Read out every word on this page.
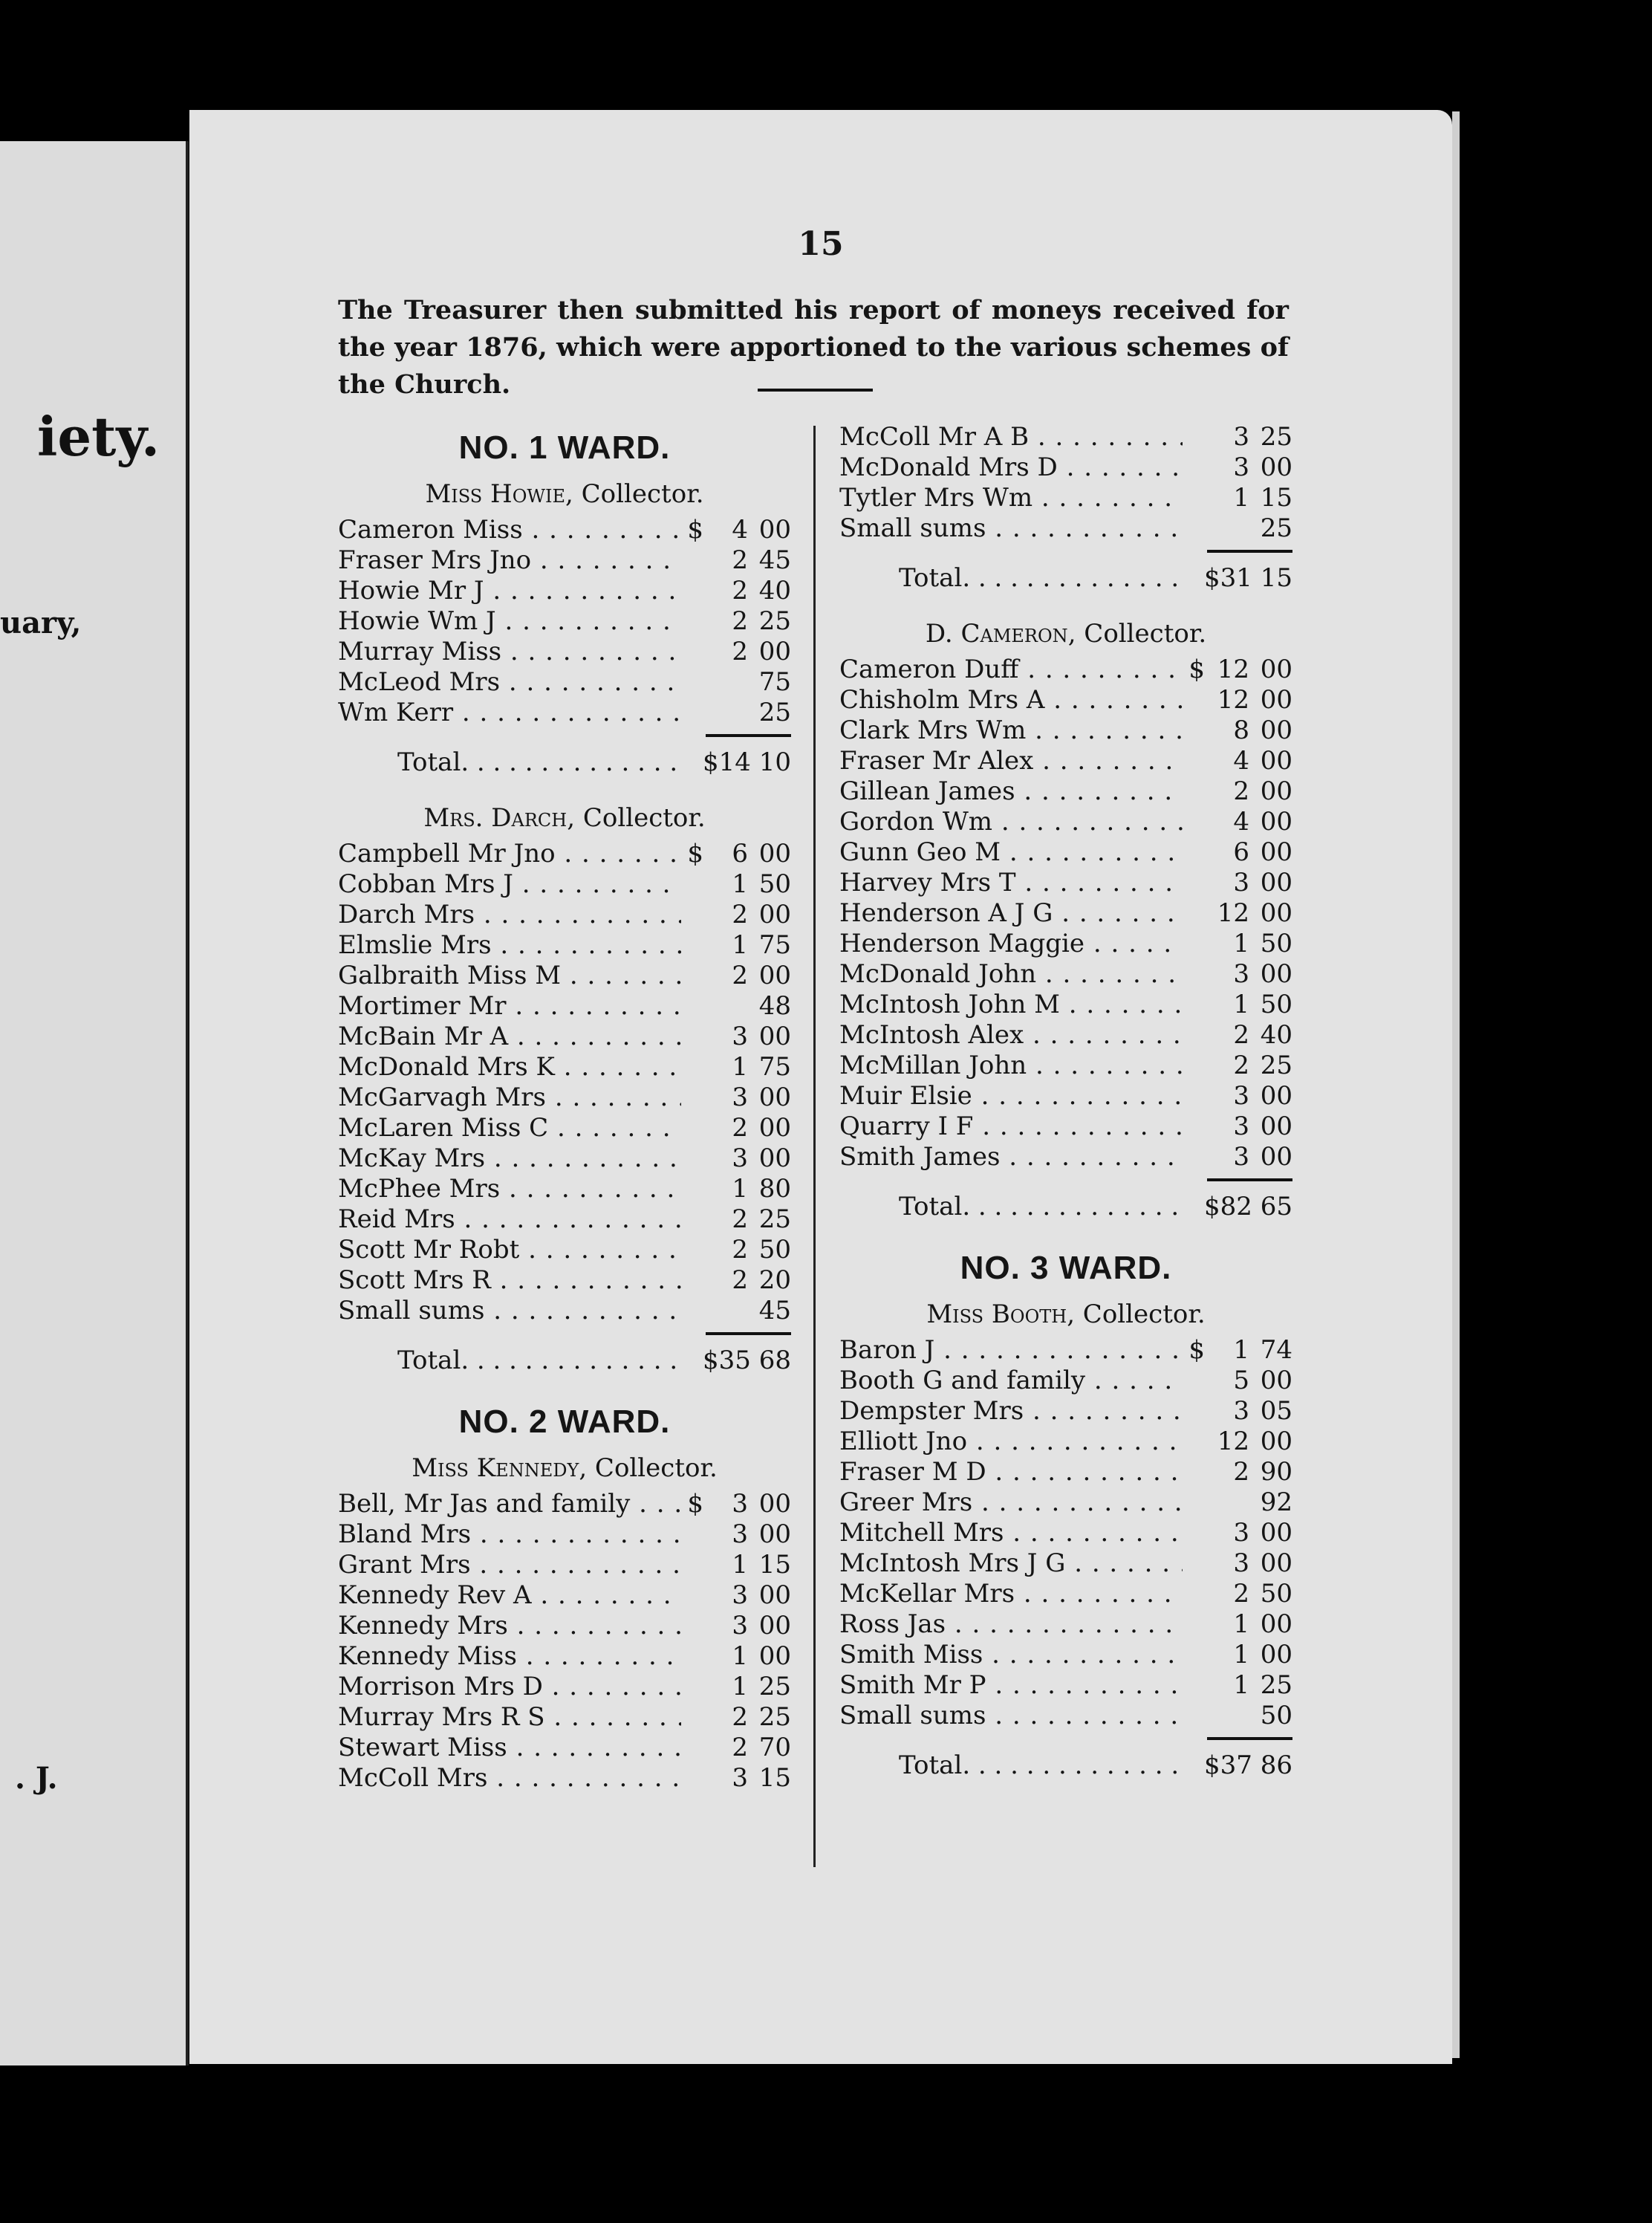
iety.
uary,
. J.
15
The Treasurer then submitted his report of moneys received for the year 1876, which were apportioned to the various schemes of the Church.
NO. 1 WARD.
Miss Howie, Collector.
Cameron Miss . . .	$	4 00
Fraser Mrs Jno . . .	2 45
Howie Mr J . . .	2 40
Howie Wm J . . .	2 25
Murray Miss . . .	2 00
McLeod Mrs . . .	75
Wm Kerr . . .	25
Total. . . .	$14 10
Mrs. Darch, Collector.
Campbell Mr Jno . . .	$	6 00
Cobban Mrs J . . .	1 50
Darch Mrs . . .	2 00
Elmslie Mrs . . .	1 75
Galbraith Miss M . . .	2 00
Mortimer Mr . . .	48
McBain Mr A . . .	3 00
McDonald Mrs K . . .	1 75
McGarvagh Mrs . . .	3 00
McLaren Miss C . . .	2 00
McKay Mrs . . .	3 00
McPhee Mrs . . .	1 80
Reid Mrs . . .	2 25
Scott Mr Robt . . .	2 50
Scott Mrs R . . .	2 20
Small sums . . .	45
Total. . . .	$35 68
NO. 2 WARD.
Miss Kennedy, Collector.
Bell, Mr Jas and family . . .	$	3 00
Bland Mrs . . .	3 00
Grant Mrs . . .	1 15
Kennedy Rev A . . .	3 00
Kennedy Mrs . . .	3 00
Kennedy Miss . . .	1 00
Morrison Mrs D . . .	1 25
Murray Mrs R S . . .	2 25
Stewart Miss . . .	2 70
McColl Mrs . . .	3 15
McColl Mr A B . . .	3 25
McDonald Mrs D . . .	3 00
Tytler Mrs Wm . . .	1 15
Small sums . . .	25
Total. . . .	$31 15
D. Cameron, Collector.
Cameron Duff . . .	$ 12 00
Chisholm Mrs A . . .	12 00
Clark Mrs Wm . . .	8 00
Fraser Mr Alex . . .	4 00
Gillean James . . .	2 00
Gordon Wm . . .	4 00
Gunn Geo M . . .	6 00
Harvey Mrs T . . .	3 00
Henderson A J G . . .	12 00
Henderson Maggie . . .	1 50
McDonald John . . .	3 00
McIntosh John M . . .	1 50
McIntosh Alex . . .	2 40
McMillan John . . .	2 25
Muir Elsie . . .	3 00
Quarry I F . . .	3 00
Smith James . . .	3 00
Total. . . .	$82 65
NO. 3 WARD.
Miss Booth, Collector.
Baron J . . .	$	1 74
Booth G and family . . .	5 00
Dempster Mrs . . .	3 05
Elliott Jno . . .	12 00
Fraser M D . . .	2 90
Greer Mrs . . .	92
Mitchell Mrs . . .	3 00
McIntosh Mrs J G . . .	3 00
McKellar Mrs . . .	2 50
Ross Jas . . .	1 00
Smith Miss . . .	1 00
Smith Mr P . . .	1 25
Small sums . . .	50
Total. . . .	$37 86
